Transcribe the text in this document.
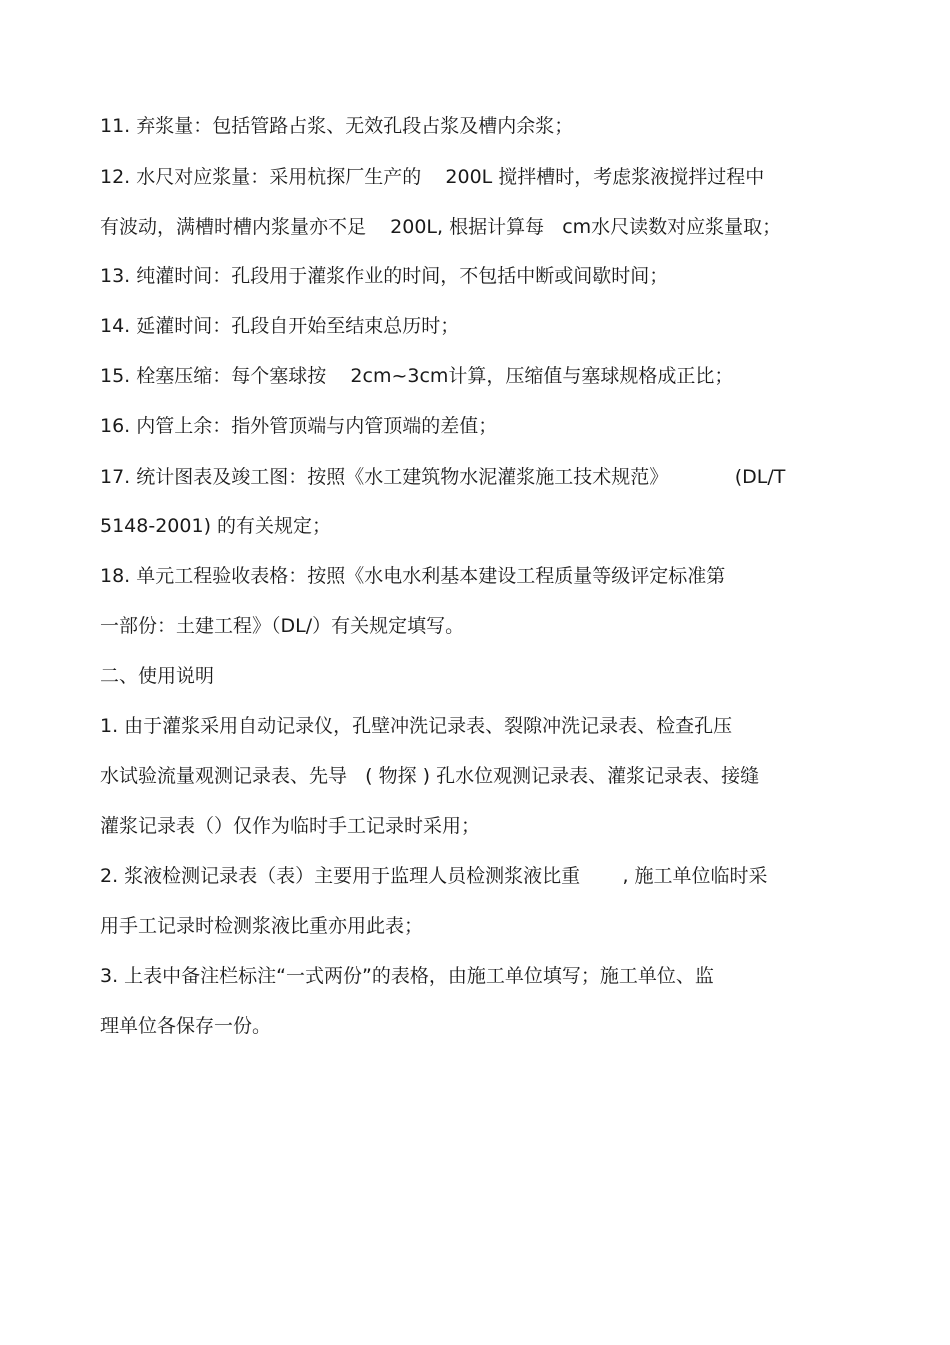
11. 弃浆量：包括管路占浆、无效孔段占浆及槽内余浆；
12. 水尺对应浆量：采用杭探厂生产的    200L 搅拌槽时，考虑浆液搅拌过程中
有波动，满槽时槽内浆量亦不足    200L, 根据计算每   cm水尺读数对应浆量取；
13. 纯灌时间：孔段用于灌浆作业的时间，不包括中断或间歇时间；
14. 延灌时间：孔段自开始至结束总历时；
15. 栓塞压缩：每个塞球按    2cm~3cm计算，压缩值与塞球规格成正比；
16. 内管上余：指外管顶端与内管顶端的差值；
17. 统计图表及竣工图：按照《水工建筑物水泥灌浆施工技术规范》           (DL/T
5148-2001) 的有关规定；
18. 单元工程验收表格：按照《水电水利基本建设工程质量等级评定标准第
一部份：土建工程》（DL/）有关规定填写。
二、使用说明
1. 由于灌浆采用自动记录仪，孔壁冲洗记录表、裂隙冲洗记录表、检查孔压
水试验流量观测记录表、先导   ( 物探 ) 孔水位观测记录表、灌浆记录表、接缝
灌浆记录表（）仅作为临时手工记录时采用；
2. 浆液检测记录表（表）主要用于监理人员检测浆液比重       , 施工单位临时采
用手工记录时检测浆液比重亦用此表；
3. 上表中备注栏标注“一式两份”的表格，由施工单位填写；施工单位、监
理单位各保存一份。
